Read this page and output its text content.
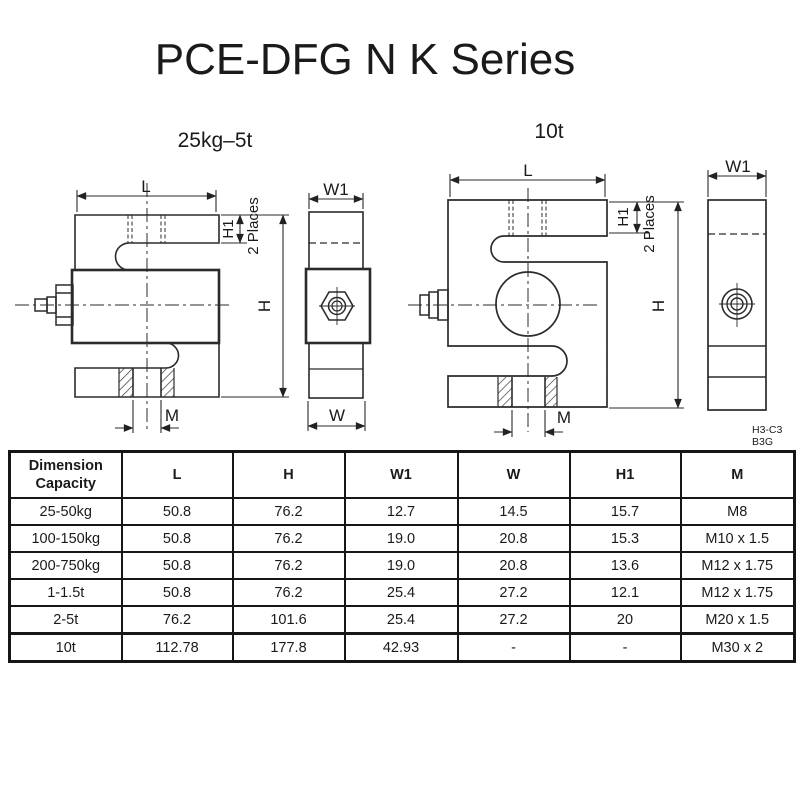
PCE-DFG N K Series
25kg–5t	10t
L
H1 2 Places
H
M
W1
W
L
H1 2 Places
H
M
W1
H3-C3
B3G
Dimension
Capacity	L	H	W1	W	H1	M
25-50kg	50.8	76.2	12.7	14.5	15.7	M8
100-150kg	50.8	76.2	19.0	20.8	15.3	M10 x 1.5
200-750kg	50.8	76.2	19.0	20.8	13.6	M12 x 1.75
1-1.5t	50.8	76.2	25.4	27.2	12.1	M12 x 1.75
2-5t	76.2	101.6	25.4	27.2	20	M20 x 1.5
10t	112.78	177.8	42.93	-	-	M30 x 2
